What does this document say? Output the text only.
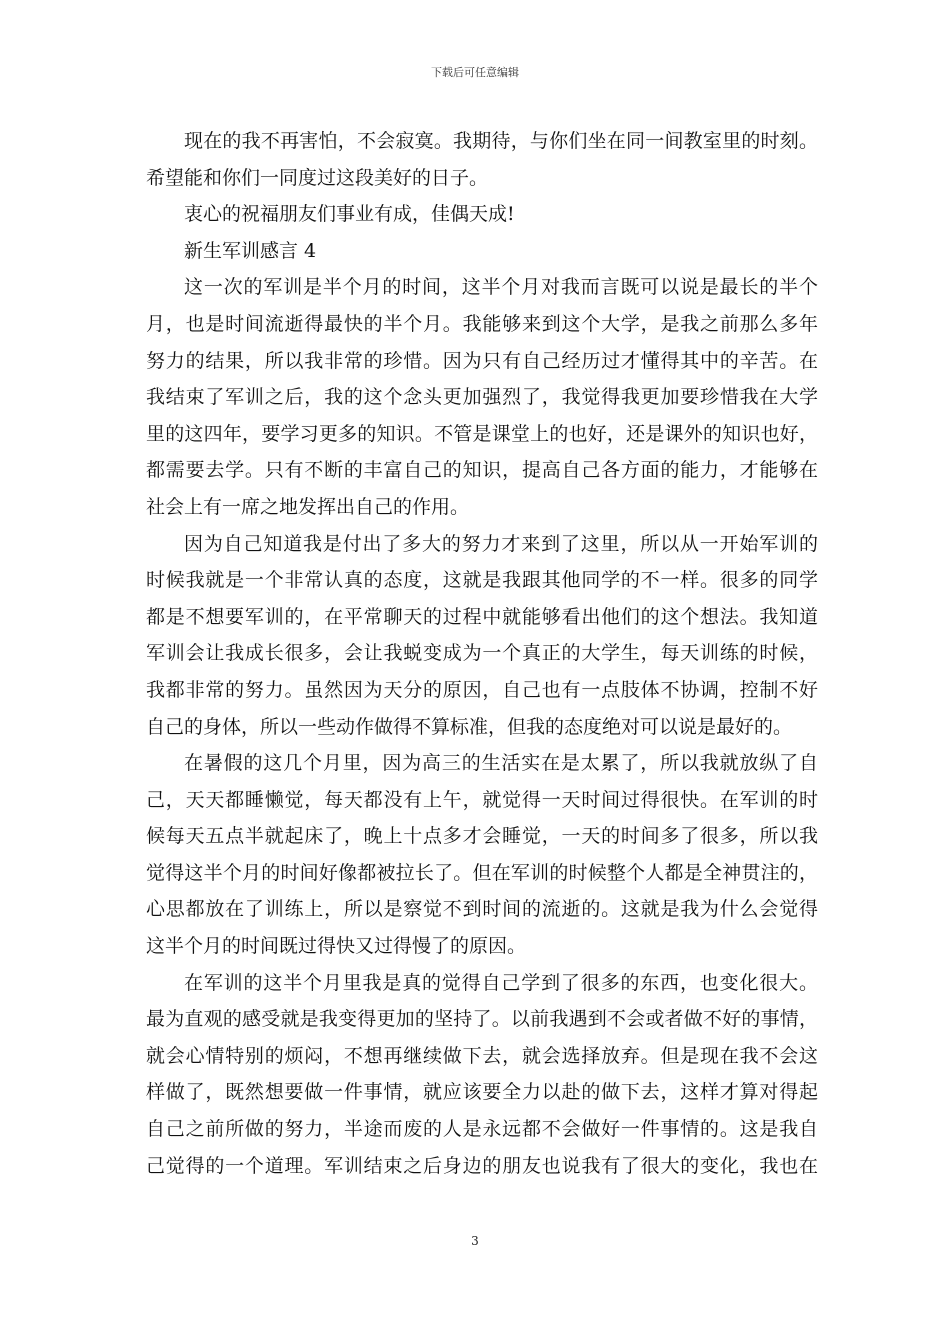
下载后可任意编辑
现在的我不再害怕，不会寂寞。我期待，与你们坐在同一间教室里的时刻。
希望能和你们一同度过这段美好的日子。
衷心的祝福朋友们事业有成，佳偶天成!
新生军训感言 4
这一次的军训是半个月的时间，这半个月对我而言既可以说是最长的半个
月，也是时间流逝得最快的半个月。我能够来到这个大学，是我之前那么多年
努力的结果，所以我非常的珍惜。因为只有自己经历过才懂得其中的辛苦。在
我结束了军训之后，我的这个念头更加强烈了，我觉得我更加要珍惜我在大学
里的这四年，要学习更多的知识。不管是课堂上的也好，还是课外的知识也好，
都需要去学。只有不断的丰富自己的知识，提高自己各方面的能力，才能够在
社会上有一席之地发挥出自己的作用。
因为自己知道我是付出了多大的努力才来到了这里，所以从一开始军训的
时候我就是一个非常认真的态度，这就是我跟其他同学的不一样。很多的同学
都是不想要军训的，在平常聊天的过程中就能够看出他们的这个想法。我知道
军训会让我成长很多，会让我蜕变成为一个真正的大学生，每天训练的时候，
我都非常的努力。虽然因为天分的原因，自己也有一点肢体不协调，控制不好
自己的身体，所以一些动作做得不算标准，但我的态度绝对可以说是最好的。
在暑假的这几个月里，因为高三的生活实在是太累了，所以我就放纵了自
己，天天都睡懒觉，每天都没有上午，就觉得一天时间过得很快。在军训的时
候每天五点半就起床了，晚上十点多才会睡觉，一天的时间多了很多，所以我
觉得这半个月的时间好像都被拉长了。但在军训的时候整个人都是全神贯注的，
心思都放在了训练上，所以是察觉不到时间的流逝的。这就是我为什么会觉得
这半个月的时间既过得快又过得慢了的原因。
在军训的这半个月里我是真的觉得自己学到了很多的东西，也变化很大。
最为直观的感受就是我变得更加的坚持了。以前我遇到不会或者做不好的事情，
就会心情特别的烦闷，不想再继续做下去，就会选择放弃。但是现在我不会这
样做了，既然想要做一件事情，就应该要全力以赴的做下去，这样才算对得起
自己之前所做的努力，半途而废的人是永远都不会做好一件事情的。这是我自
己觉得的一个道理。军训结束之后身边的朋友也说我有了很大的变化，我也在
3
